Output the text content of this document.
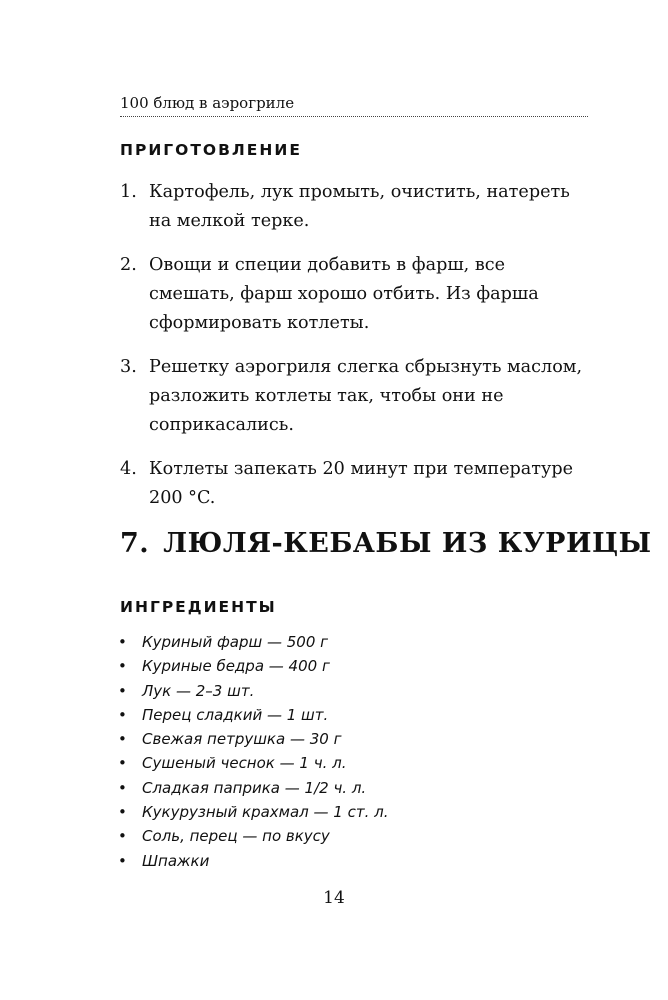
100 блюд в аэрогриле
ПРИГОТОВЛЕНИЕ
1. Картофель, лук промыть, очистить, натереть на мелкой терке.
2. Овощи и специи добавить в фарш, все смешать, фарш хорошо отбить. Из фарша сформировать котлеты.
3. Решетку аэрогриля слегка сбрызнуть маслом, разложить котлеты так, чтобы они не соприкасались.
4. Котлеты запекать 20 минут при температуре 200 °C.
7. ЛЮЛЯ-КЕБАБЫ ИЗ КУРИЦЫ
ИНГРЕДИЕНТЫ
• Куриный фарш — 500 г
• Куриные бедра — 400 г
• Лук — 2–3 шт.
• Перец сладкий — 1 шт.
• Свежая петрушка — 30 г
• Сушеный чеснок — 1 ч. л.
• Сладкая паприка — 1/2 ч. л.
• Кукурузный крахмал — 1 ст. л.
• Соль, перец — по вкусу
• Шпажки
14
